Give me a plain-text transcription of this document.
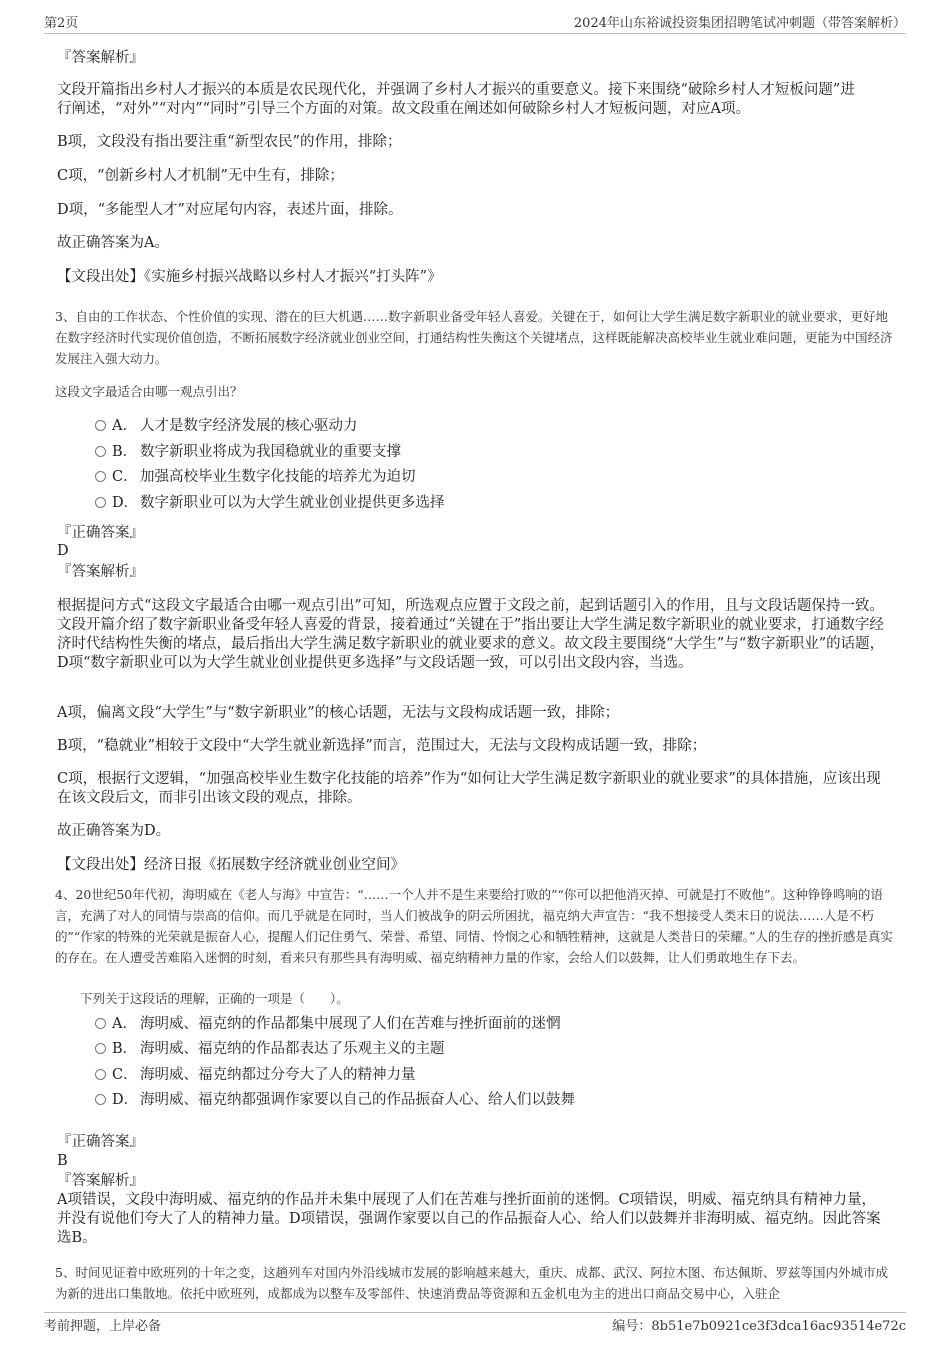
第2页	2024年山东裕诚投资集团招聘笔试冲刺题（带答案解析）
『答案解析』
文段开篇指出乡村人才振兴的本质是农民现代化，并强调了乡村人才振兴的重要意义。接下来围绕“破除乡村人才短板问题”进行阐述，“对外”“对内”“同时”引导三个方面的对策。故文段重在阐述如何破除乡村人才短板问题，对应A项。
B项，文段没有指出要注重“新型农民”的作用，排除；
C项，“创新乡村人才机制”无中生有，排除；
D项，“多能型人才”对应尾句内容，表述片面，排除。
故正确答案为A。
【文段出处】《实施乡村振兴战略以乡村人才振兴“打头阵”》
3、自由的工作状态、个性价值的实现、潜在的巨大机遇……数字新职业备受年轻人喜爱。关键在于，如何让大学生满足数字新职业的就业要求，更好地在数字经济时代实现价值创造，不断拓展数字经济就业创业空间，打通结构性失衡这个关键堵点，这样既能解决高校毕业生就业难问题，更能为中国经济发展注入强大动力。
这段文字最适合由哪一观点引出？
A． 人才是数字经济发展的核心驱动力
B． 数字新职业将成为我国稳就业的重要支撑
C． 加强高校毕业生数字化技能的培养尤为迫切
D． 数字新职业可以为大学生就业创业提供更多选择
『正确答案』
D
『答案解析』
根据提问方式“这段文字最适合由哪一观点引出”可知，所选观点应置于文段之前，起到话题引入的作用，且与文段话题保持一致。文段开篇介绍了数字新职业备受年轻人喜爱的背景，接着通过“关键在于”指出要让大学生满足数字新职业的就业要求，打通数字经济时代结构性失衡的堵点，最后指出大学生满足数字新职业的就业要求的意义。故文段主要围绕“大学生”与“数字新职业”的话题，D项“数字新职业可以为大学生就业创业提供更多选择”与文段话题一致，可以引出文段内容，当选。
A项，偏离文段“大学生”与“数字新职业”的核心话题，无法与文段构成话题一致，排除；
B项，“稳就业”相较于文段中“大学生就业新选择”而言，范围过大，无法与文段构成话题一致，排除；
C项，根据行文逻辑，“加强高校毕业生数字化技能的培养”作为“如何让大学生满足数字新职业的就业要求”的具体措施，应该出现在该文段后文，而非引出该文段的观点，排除。
故正确答案为D。
【文段出处】经济日报《拓展数字经济就业创业空间》
4、20世纪50年代初，海明威在《老人与海》中宣告：“……一个人并不是生来要给打败的”“你可以把他消灭掉、可就是打不败他”。这种铮铮鸣响的语言，充满了对人的同情与崇高的信仰。而几乎就是在同时，当人们被战争的阴云所困扰，福克纳大声宣告：“我不想接受人类末日的说法……人是不朽的”“作家的特殊的光荣就是振奋人心，提醒人们记住勇气、荣誉、希望、同情、怜悯之心和牺牲精神，这就是人类昔日的荣耀。”人的生存的挫折感是真实的存在。在人遭受苦难陷入迷惘的时刻，看来只有那些具有海明威、福克纳精神力量的作家，会给人们以鼓舞，让人们勇敢地生存下去。
下列关于这段话的理解，正确的一项是（　　）。
A． 海明威、福克纳的作品都集中展现了人们在苦难与挫折面前的迷惘
B． 海明威、福克纳的作品都表达了乐观主义的主题
C． 海明威、福克纳都过分夸大了人的精神力量
D． 海明威、福克纳都强调作家要以自己的作品振奋人心、给人们以鼓舞
『正确答案』
B
『答案解析』
A项错误，文段中海明威、福克纳的作品并未集中展现了人们在苦难与挫折面前的迷惘。C项错误，明威、福克纳具有精神力量，并没有说他们夸大了人的精神力量。D项错误，强调作家要以自己的作品振奋人心、给人们以鼓舞并非海明威、福克纳。因此答案选B。
5、时间见证着中欧班列的十年之变，这趟列车对国内外沿线城市发展的影响越来越大，重庆、成都、武汉、阿拉木图、布达佩斯、罗兹等国内外城市成为新的进出口集散地。依托中欧班列，成都成为以整车及零部件、快速消费品等资源和五金机电为主的进出口商品交易中心，入驻企
考前押题，上岸必备	编号：8b51e7b0921ce3f3dca16ac93514e72c
